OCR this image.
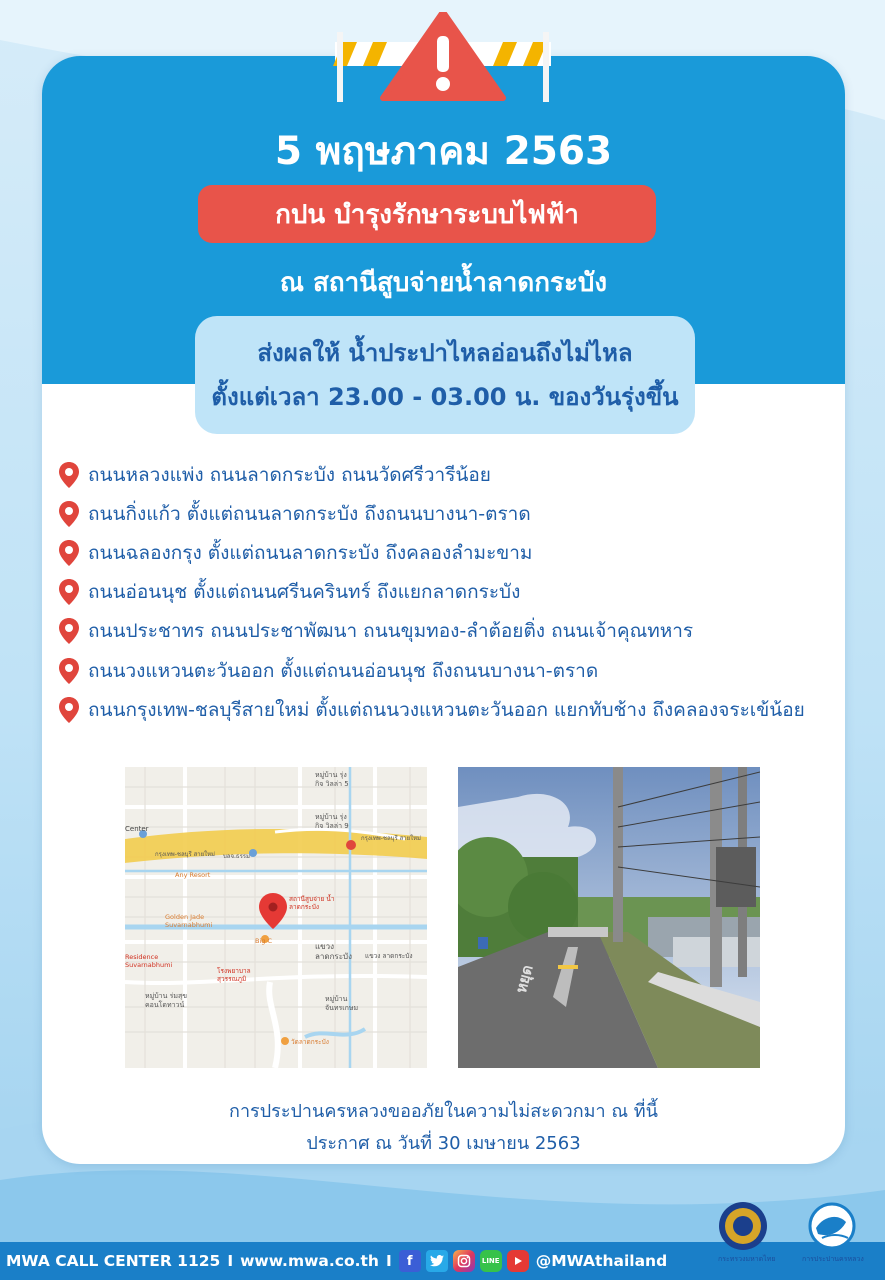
5 พฤษภาคม 2563
กปน บำรุงรักษาระบบไฟฟ้า
ณ สถานีสูบจ่ายน้ำลาดกระบัง
ส่งผลให้ น้ำประปาไหลอ่อนถึงไม่ไหล
ตั้งแต่เวลา 23.00 - 03.00 น. ของวันรุ่งขึ้น
ถนนหลวงแพ่ง ถนนลาดกระบัง ถนนวัดศรีวารีน้อย
ถนนกิ่งแก้ว ตั้งแต่ถนนลาดกระบัง ถึงถนนบางนา-ตราด
ถนนฉลองกรุง ตั้งแต่ถนนลาดกระบัง ถึงคลองลำมะขาม
ถนนอ่อนนุช ตั้งแต่ถนนศรีนครินทร์ ถึงแยกลาดกระบัง
ถนนประชาทร ถนนประชาพัฒนา ถนนขุมทอง-ลำต้อยติ่ง ถนนเจ้าคุณทหาร
ถนนวงแหวนตะวันออก ตั้งแต่ถนนอ่อนนุช ถึงถนนบางนา-ตราด
ถนนกรุงเทพ-ชลบุรีสายใหม่ ตั้งแต่ถนนวงแหวนตะวันออก แยกทับช้าง ถึงคลองจระเข้น้อย
หมู่บ้าน รุ่งกิจ วิลล่า 5
หมู่บ้าน รุ่งกิจ วิลล่า 9
Center
กรุงเทพ-ชลบุรี สายใหม่
กรุงเทพ-ชลบุรี สายใหม่
บลจ.ธรรม
Any Resort
สถานีสูบจ่าย น้ำลาดกระบัง
Golden Jade Suvarnabhumi
Big C
Residence Suvarnabhumi
แขวง ลาดกระบัง	แขวง ลาดกระบัง
โรงพยาบาล สุวรรณภูมิ
หมู่บ้าน ร่มสุข คอนโดทาวน์
หมู่บ้าน จันทรเกษม
วัดลาดกระบัง
หยุด
การประปานครหลวงขออภัยในความไม่สะดวกมา ณ ที่นี้
ประกาศ ณ วันที่ 30 เมษายน 2563
MWA CALL CENTER 1125 I www.mwa.co.th I	f	LINE @MWAthailand	กระทรวงมหาดไทย	การประปานครหลวง
